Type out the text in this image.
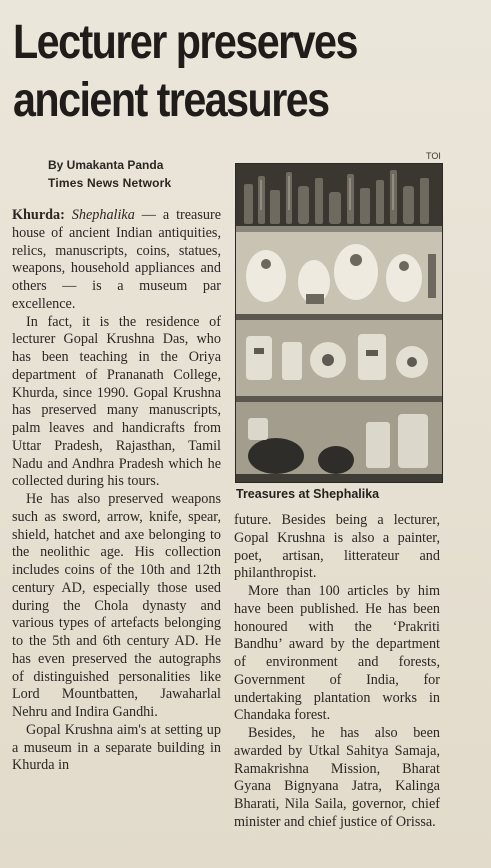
Lecturer preserves
ancient treasures
By Umakanta Panda
Times News Network
TOI
Treasures at Shephalika

Khurda: Shephalika — a treasure house of ancient Indian antiquities, relics, manuscripts, coins, statues, weapons, household appliances and others — is a museum par excellence.

In fact, it is the residence of lecturer Gopal Krushna Das, who has been teaching in the Oriya department of Prananath College, Khurda, since 1990. Gopal Krushna has preserved many manuscripts, palm leaves and handicrafts from Uttar Pradesh, Rajasthan, Tamil Nadu and Andhra Pradesh which he collected during his tours.

He has also preserved weapons such as sword, arrow, knife, spear, shield, hatchet and axe belonging to the neolithic age. His collection includes coins of the 10th and 12th century AD, especially those used during the Chola dynasty and various types of artefacts belonging to the 5th and 6th century AD. He has even preserved the autographs of distinguished personalities like Lord Mountbatten, Jawaharlal Nehru and Indira Gandhi.

Gopal Krushna aim's at setting up a museum in a separate building in Khurda in

future. Besides being a lecturer, Gopal Krushna is also a painter, poet, artisan, litterateur and philanthropist.

More than 100 articles by him have been published. He has been honoured with the ‘Prakriti Bandhu’ award by the department of environment and forests, Government of India, for undertaking plantation works in Chandaka forest.

Besides, he has also been awarded by Utkal Sahitya Samaja, Ramakrishna Mission, Bharat Gyana Bignyana Jatra, Kalinga Bharati, Nila Saila, governor, chief minister and chief justice of Orissa.
